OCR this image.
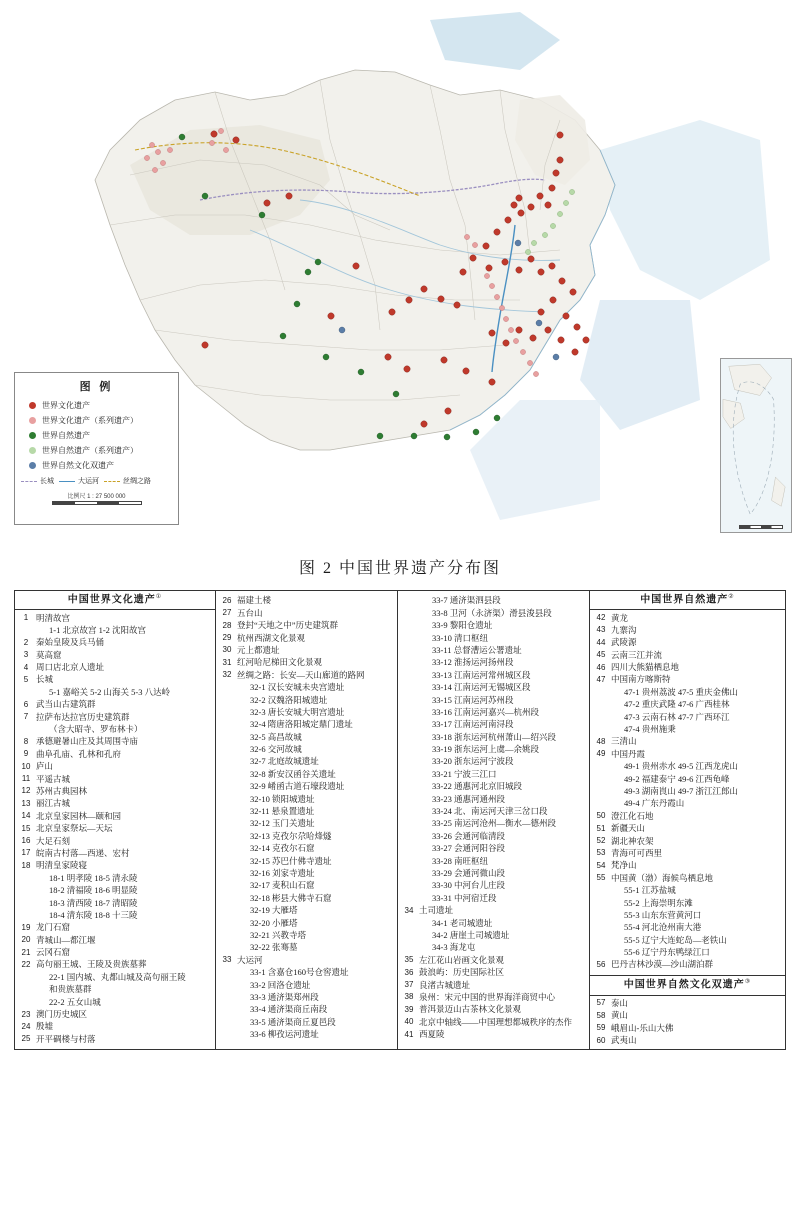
图 例
世界文化遗产
世界文化遗产（系列遗产）
世界自然遗产
世界自然遗产（系列遗产）
世界自然文化双遗产
长城	大运河	丝绸之路
比例尺 1 : 27 500 000
图 2 中国世界遗产分布图
中国世界文化遗产①
1 明清故宫
1-1 北京故宫 1-2 沈阳故宫
2 秦始皇陵及兵马俑
3 莫高窟
4 周口店北京人遗址
5 长城
5-1 嘉峪关 5-2 山海关 5-3 八达岭
6 武当山古建筑群
7 拉萨布达拉宫历史建筑群
（含大昭寺、罗布林卡）
8 承德避暑山庄及其周围寺庙
9 曲阜孔庙、孔林和孔府
10 庐山
11 平遥古城
12 苏州古典园林
13 丽江古城
14 北京皇家园林—颐和园
15 北京皇家祭坛—天坛
16 大足石刻
17 皖南古村落—西递、宏村
18 明清皇家陵寝
18-1 明孝陵 18-5 清永陵
18-2 清福陵 18-6 明显陵
18-3 清西陵 18-7 清昭陵
18-4 清东陵 18-8 十三陵
19 龙门石窟
20 青城山—都江堰
21 云冈石窟
22 高句丽王城、王陵及贵族墓葬
22-1 国内城、丸都山城及高句丽王陵
和贵族墓群
22-2 五女山城
23 澳门历史城区
24 殷墟
25 开平碉楼与村落
26 福建土楼
27 五台山
28 登封“天地之中”历史建筑群
29 杭州西湖文化景观
30 元上都遗址
31 红河哈尼梯田文化景观
32 丝绸之路：长安—天山廊道的路网
32-1 汉长安城未央宫遗址
32-2 汉魏洛阳城遗址
32-3 唐长安城大明宫遗址
32-4 隋唐洛阳城定鼎门遗址
32-5 高昌故城
32-6 交河故城
32-7 北庭故城遗址
32-8 新安汉函谷关遗址
32-9 崤函古道石壕段遗址
32-10 锁阳城遗址
32-11 悬泉置遗址
32-12 玉门关遗址
32-13 克孜尔尕哈烽燧
32-14 克孜尔石窟
32-15 苏巴什佛寺遗址
32-16 刘家寺遗址
32-17 麦积山石窟
32-18 彬县大佛寺石窟
32-19 大雁塔
32-20 小雁塔
32-21 兴教寺塔
32-22 张骞墓
33 大运河
33-1 含嘉仓160号仓窖遗址
33-2 回洛仓遗址
33-3 通济渠郑州段
33-4 通济渠商丘南段
33-5 通济渠商丘夏邑段
33-6 柳孜运河遗址
33-7 通济渠泗县段
33-8 卫河（永济渠）滑县浚县段
33-9 黎阳仓遗址
33-10 清口枢纽
33-11 总督漕运公署遗址
33-12 淮扬运河扬州段
33-13 江南运河常州城区段
33-14 江南运河无锡城区段
33-15 江南运河苏州段
33-16 江南运河嘉兴—杭州段
33-17 江南运河南浔段
33-18 浙东运河杭州萧山—绍兴段
33-19 浙东运河上虞—余姚段
33-20 浙东运河宁波段
33-21 宁波三江口
33-22 通惠河北京旧城段
33-23 通惠河通州段
33-24 北、南运河天津三岔口段
33-25 南运河沧州—衡水—德州段
33-26 会通河临清段
33-27 会通河阳谷段
33-28 南旺枢纽
33-29 会通河微山段
33-30 中河台儿庄段
33-31 中河宿迁段
34 土司遗址
34-1 老司城遗址
34-2 唐崖土司城遗址
34-3 海龙屯
35 左江花山岩画文化景观
36 鼓浪屿：历史国际社区
37 良渚古城遗址
38 泉州：宋元中国的世界海洋商贸中心
39 普洱景迈山古茶林文化景观
40 北京中轴线——中国理想都城秩序的杰作
41 西夏陵
中国世界自然遗产②
42 黄龙
43 九寨沟
44 武陵源
45 云南三江并流
46 四川大熊猫栖息地
47 中国南方喀斯特
47-1 贵州荔波 47-5 重庆金佛山
47-2 重庆武隆 47-6 广西桂林
47-3 云南石林 47-7 广西环江
47-4 贵州施秉
48 三清山
49 中国丹霞
49-1 贵州赤水 49-5 江西龙虎山
49-2 福建泰宁 49-6 江西龟峰
49-3 湖南崀山 49-7 浙江江郎山
49-4 广东丹霞山
50 澄江化石地
51 新疆天山
52 湖北神农架
53 青海可可西里
54 梵净山
55 中国黄（渤）海候鸟栖息地
55-1 江苏盐城
55-2 上海崇明东滩
55-3 山东东营黄河口
55-4 河北沧州南大港
55-5 辽宁大连蛇岛—老铁山
55-6 辽宁丹东鸭绿江口
56 巴丹吉林沙漠—沙山湖泊群
中国世界自然文化双遗产③
57 泰山
58 黄山
59 峨眉山-乐山大佛
60 武夷山
